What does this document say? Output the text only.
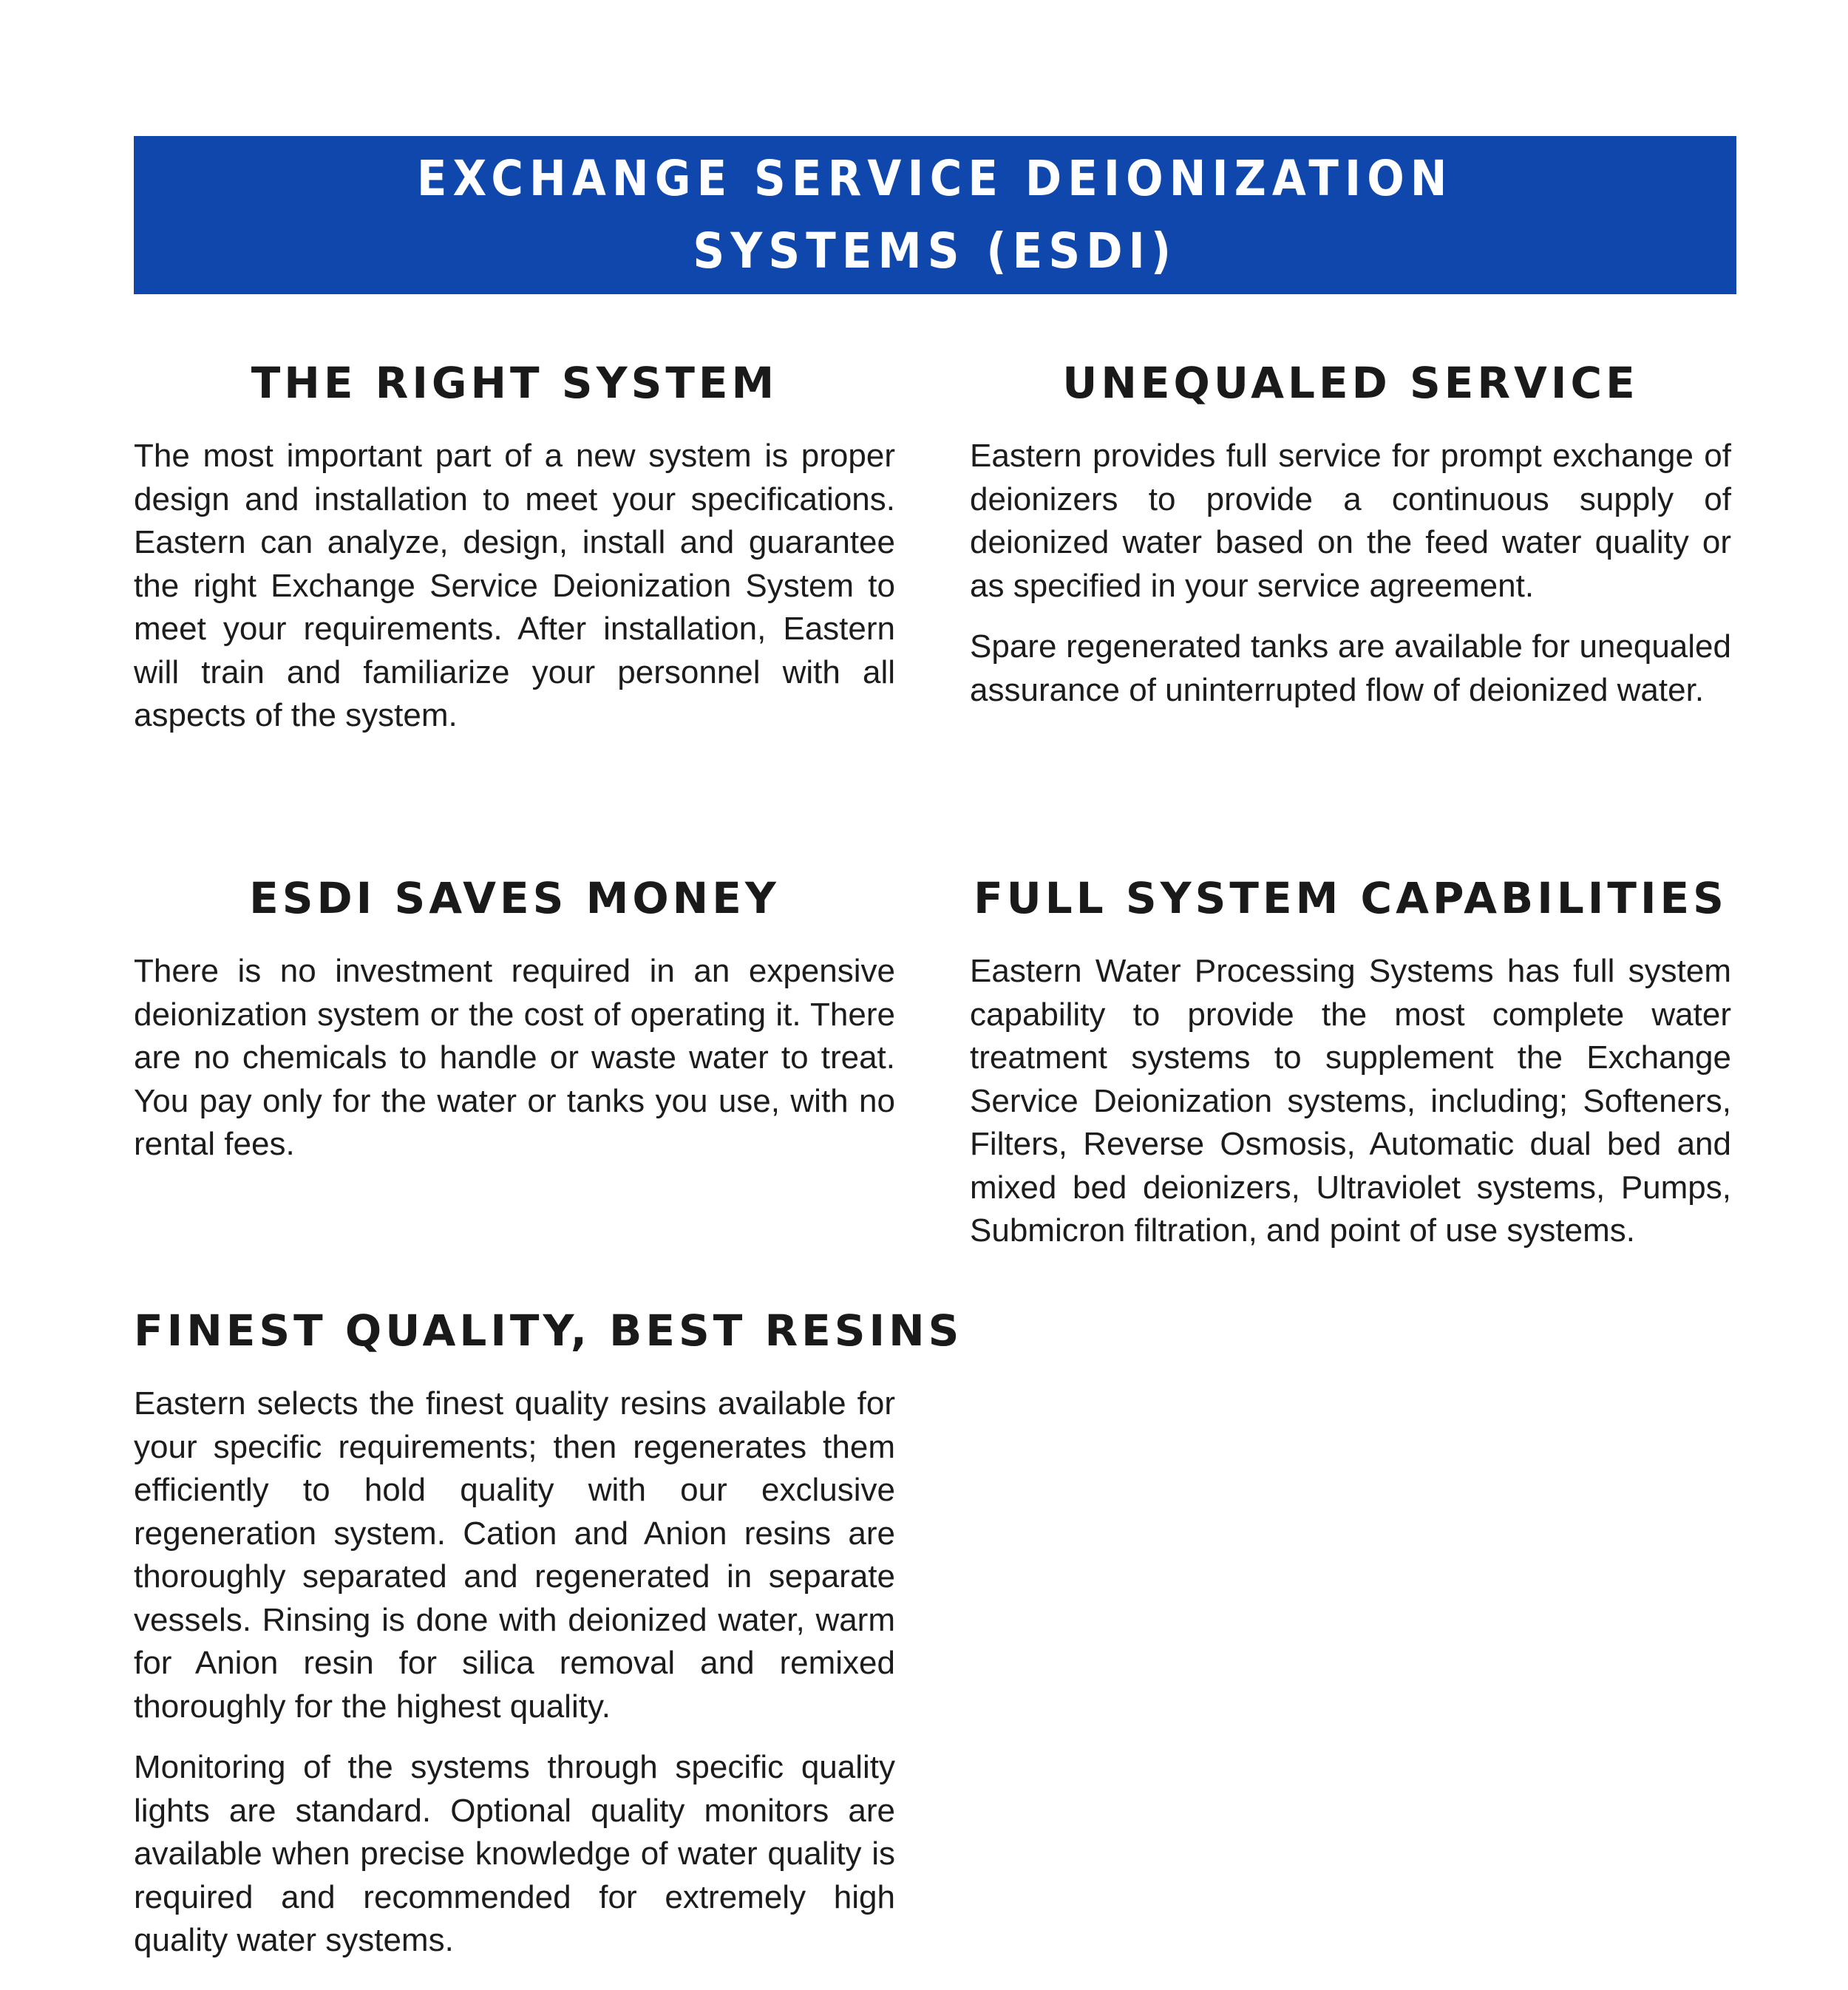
EXCHANGE SERVICE DEIONIZATION
SYSTEMS (ESDI)
THE RIGHT SYSTEM

The most important part of a new system is proper design and installation to meet your specifications. Eastern can analyze, design, install and guarantee the right Exchange Service Deionization System to meet your requirements. After installation, Eastern will train and familiarize your personnel with all aspects of the system.

UNEQUALED SERVICE

Eastern provides full service for prompt exchange of deionizers to provide a continuous supply of deionized water based on the feed water quality or as specified in your service agreement.

Spare regenerated tanks are available for unequaled assurance of uninterrupted flow of deionized water.

ESDI SAVES MONEY

There is no investment required in an expensive deionization system or the cost of operating it. There are no chemicals to handle or waste water to treat. You pay only for the water or tanks you use, with no rental fees.

FULL SYSTEM CAPABILITIES

Eastern Water Processing Systems has full system capability to provide the most complete water treatment systems to supplement the Exchange Service Deionization systems, including; Softeners, Filters, Reverse Osmosis, Automatic dual bed and mixed bed deionizers, Ultraviolet systems, Pumps, Submicron filtration, and point of use systems.

FINEST QUALITY, BEST RESINS

Eastern selects the finest quality resins available for your specific requirements; then regenerates them efficiently to hold quality with our exclusive regeneration system. Cation and Anion resins are thoroughly separated and regenerated in separate vessels. Rinsing is done with deionized water, warm for Anion resin for silica removal and remixed thoroughly for the highest quality.

Monitoring of the systems through specific quality lights are standard. Optional quality monitors are available when precise knowledge of water quality is required and recommended for extremely high quality water systems.
